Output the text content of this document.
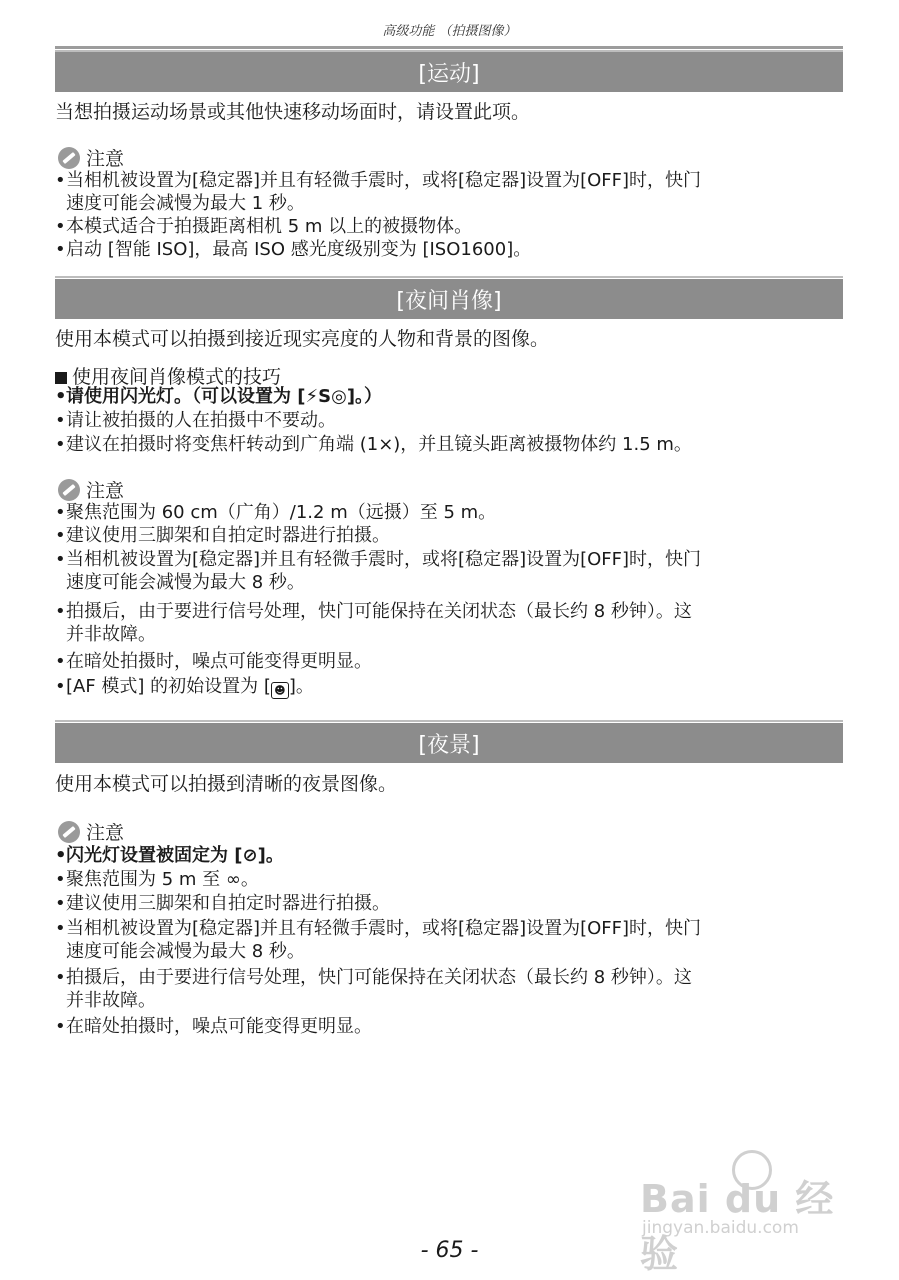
高级功能 （拍摄图像）
[运动]
当想拍摄运动场景或其他快速移动场面时，请设置此项。
注意
•当相机被设置为[稳定器]并且有轻微手震时，或将[稳定器]设置为[OFF]时，快门
速度可能会减慢为最大 1 秒。
•本模式适合于拍摄距离相机 5 m 以上的被摄物体。
•启动 [智能 ISO]，最高 ISO 感光度级别变为 [ISO1600]。
[夜间肖像]
使用本模式可以拍摄到接近现实亮度的人物和背景的图像。
使用夜间肖像模式的技巧
•请使用闪光灯。（可以设置为 [⚡S◎]。）
•请让被拍摄的人在拍摄中不要动。
•建议在拍摄时将变焦杆转动到广角端 (1×)，并且镜头距离被摄物体约 1.5 m。
注意
•聚焦范围为 60 cm（广角）/1.2 m（远摄）至 5 m。
•建议使用三脚架和自拍定时器进行拍摄。
•当相机被设置为[稳定器]并且有轻微手震时，或将[稳定器]设置为[OFF]时，快门
速度可能会减慢为最大 8 秒。
•拍摄后，由于要进行信号处理，快门可能保持在关闭状态（最长约 8 秒钟）。这
并非故障。
•在暗处拍摄时，噪点可能变得更明显。
•[AF 模式] 的初始设置为 [ ☻ ]。
[夜景]
使用本模式可以拍摄到清晰的夜景图像。
注意
•闪光灯设置被固定为 [⊘]。
•聚焦范围为 5 m 至 ∞。
•建议使用三脚架和自拍定时器进行拍摄。
•当相机被设置为[稳定器]并且有轻微手震时，或将[稳定器]设置为[OFF]时，快门
速度可能会减慢为最大 8 秒。
•拍摄后，由于要进行信号处理，快门可能保持在关闭状态（最长约 8 秒钟）。这
并非故障。
•在暗处拍摄时，噪点可能变得更明显。
Bai du 经验
jingyan.baidu.com
- 65 -
